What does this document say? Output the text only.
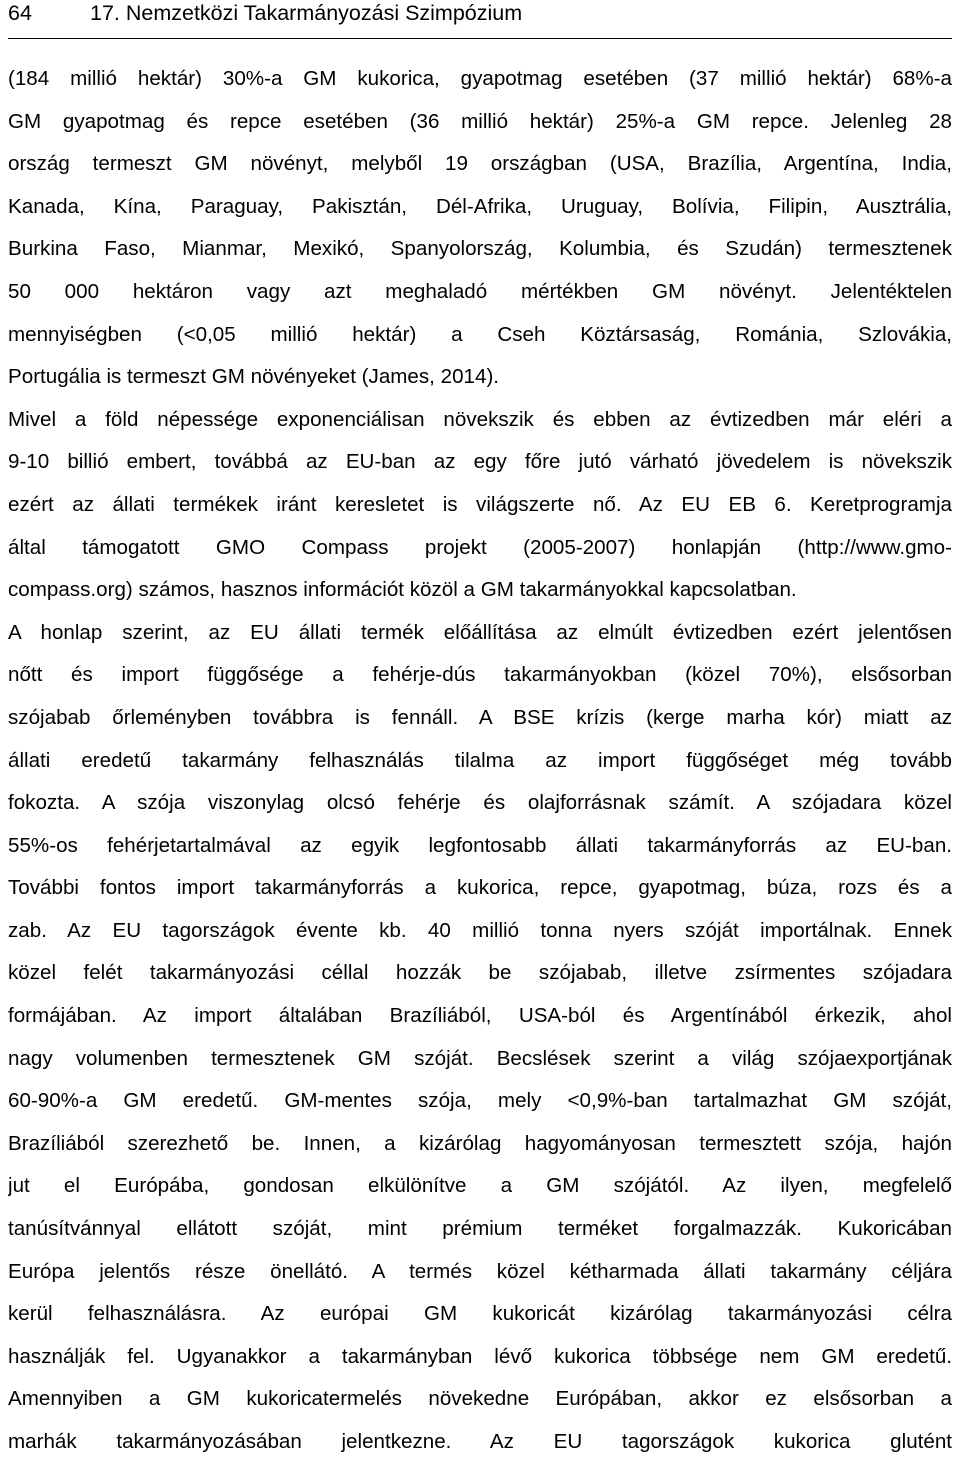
64	17. Nemzetközi Takarmányozási Szimpózium
(184 millió hektár) 30%-a GM kukorica, gyapotmag esetében (37 millió hektár) 68%-a
GM gyapotmag és repce esetében (36 millió hektár) 25%-a GM repce. Jelenleg 28
ország termeszt GM növényt, melyből 19 országban (USA, Brazília, Argentína, India,
Kanada, Kína, Paraguay, Pakisztán, Dél-Afrika, Uruguay, Bolívia, Filipin, Ausztrália,
Burkina Faso, Mianmar, Mexikó, Spanyolország, Kolumbia, és Szudán) termesztenek
50 000 hektáron vagy azt meghaladó mértékben GM növényt. Jelentéktelen
mennyiségben (<0,05 millió hektár) a Cseh Köztársaság, Románia, Szlovákia,
Portugália is termeszt GM növényeket (James, 2014).
Mivel a föld népessége exponenciálisan növekszik és ebben az évtizedben már eléri a
9-10 billió embert, továbbá az EU-ban az egy főre jutó várható jövedelem is növekszik
ezért az állati termékek iránt keresletet is világszerte nő. Az EU EB 6. Keretprogramja
által támogatott GMO Compass projekt (2005-2007) honlapján (http://www.gmo-
compass.org) számos, hasznos információt közöl a GM takarmányokkal kapcsolatban.
A honlap szerint, az EU állati termék előállítása az elmúlt évtizedben ezért jelentősen
nőtt és import függősége a fehérje-dús takarmányokban (közel 70%), elsősorban
szójabab őrleményben továbbra is fennáll. A BSE krízis (kerge marha kór) miatt az
állati eredetű takarmány felhasználás tilalma az import függőséget még tovább
fokozta. A szója viszonylag olcsó fehérje és olajforrásnak számít. A szójadara közel
55%-os fehérjetartalmával az egyik legfontosabb állati takarmányforrás az EU-ban.
További fontos import takarmányforrás a kukorica, repce, gyapotmag, búza, rozs és a
zab. Az EU tagországok évente kb. 40 millió tonna nyers szóját importálnak. Ennek
közel felét takarmányozási céllal hozzák be szójabab, illetve zsírmentes szójadara
formájában. Az import általában Brazíliából, USA-ból és Argentínából érkezik, ahol
nagy volumenben termesztenek GM szóját. Becslések szerint a világ szójaexportjának
60-90%-a GM eredetű. GM-mentes szója, mely <0,9%-ban tartalmazhat GM szóját,
Brazíliából szerezhető be. Innen, a kizárólag hagyományosan termesztett szója, hajón
jut el Európába, gondosan elkülönítve a GM szójától. Az ilyen, megfelelő
tanúsítvánnyal ellátott szóját, mint prémium terméket forgalmazzák. Kukoricában
Európa jelentős része önellátó. A termés közel kétharmada állati takarmány céljára
kerül felhasználásra. Az európai GM kukoricát kizárólag takarmányozási célra
használják fel. Ugyanakkor a takarmányban lévő kukorica többsége nem GM eredetű.
Amennyiben a GM kukoricatermelés növekedne Európában, akkor ez elsősorban a
marhák takarmányozásában jelentkezne. Az EU tagországok kukorica glutént
